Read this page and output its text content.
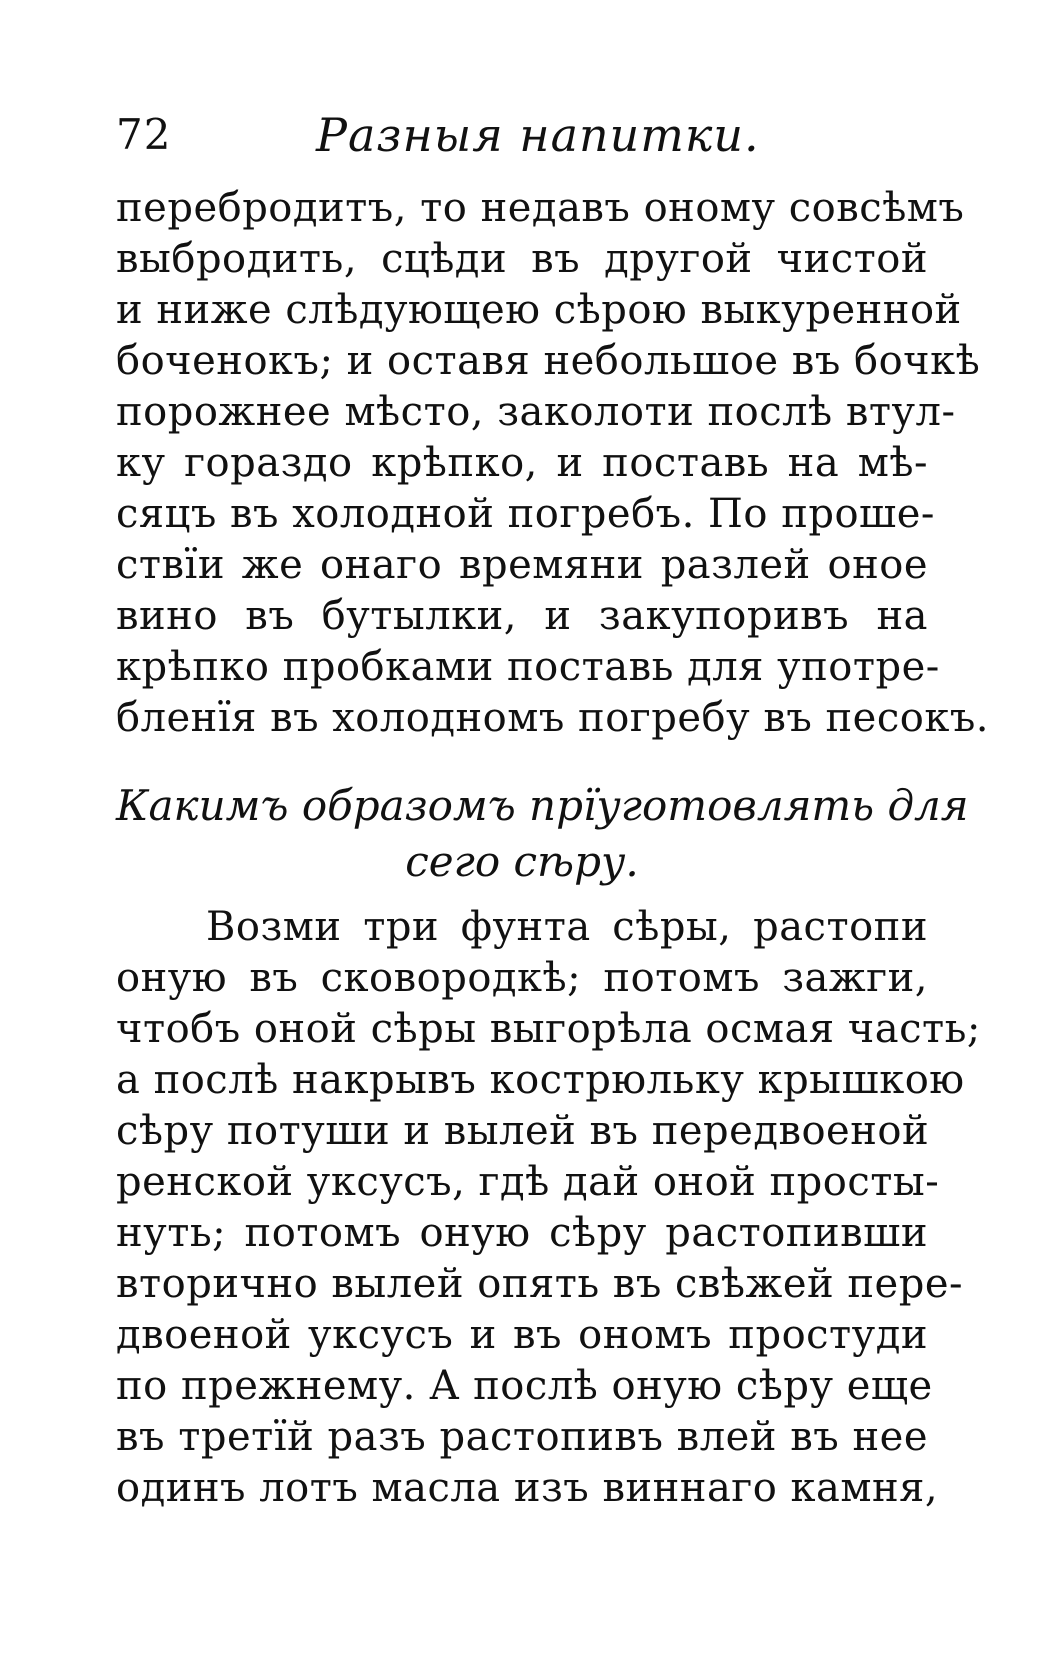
72	Разныя напитки.
перебродитъ, то недавъ оному совсѣмъ
выбродить, сцѣди въ другой чистой
и ниже слѣдующею сѣрою выкуренной
боченокъ; и оставя небольшое въ бочкѣ
порожнее мѣсто, заколоти послѣ втул-
ку гораздо крѣпко, и поставь на мѣ-
сяцъ въ холодной погребъ. По проше-
ствїи же онаго времяни разлей оное
вино въ бутылки, и закупоривъ на
крѣпко пробками поставь для употре-
бленїя въ холодномъ погребу въ песокъ.
Какимъ образомъ прїуготовлять для
сего сѣру.
Возми три фунта сѣры, растопи
оную въ сковородкѣ; потомъ зажги,
чтобъ оной сѣры выгорѣла осмая часть;
а послѣ накрывъ кострюльку крышкою
сѣру потуши и вылей въ передвоеной
ренской уксусъ, гдѣ дай оной просты-
нуть; потомъ оную сѣру растопивши
вторично вылей опять въ свѣжей пере-
двоеной уксусъ и въ ономъ простуди
по прежнему. А послѣ оную сѣру еще
въ третїй разъ растопивъ влей въ нее
одинъ лотъ масла изъ виннаго камня,
